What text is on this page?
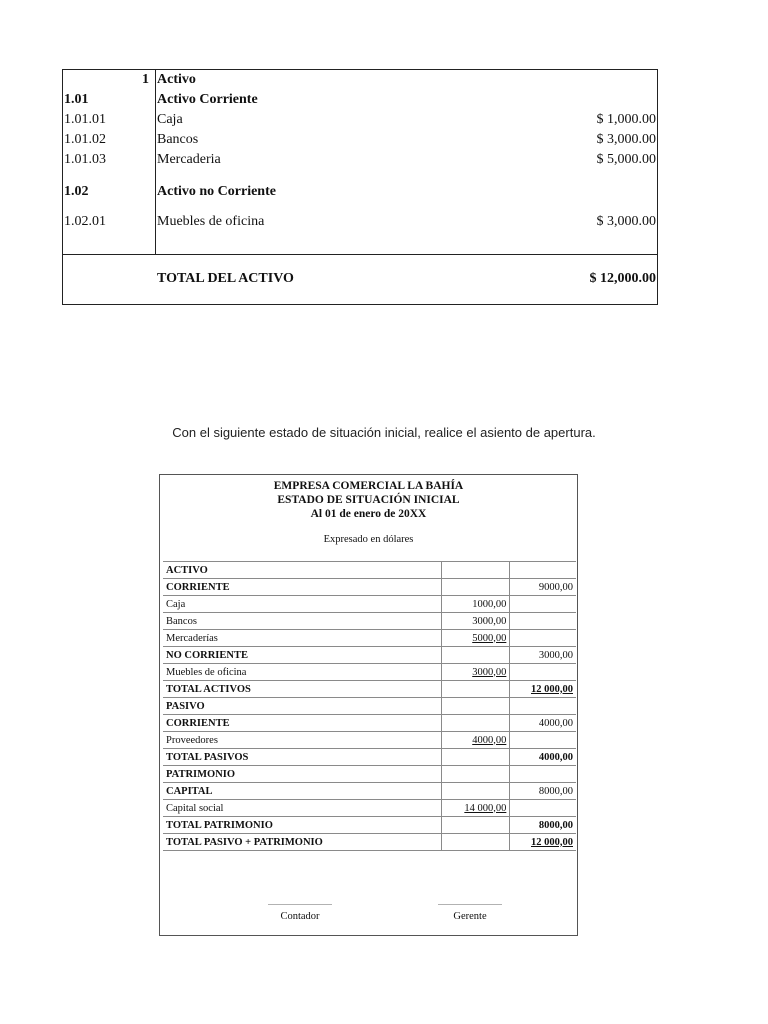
1 Activo
1.01	Activo Corriente
1.01.01	Caja	$ 1,000.00
1.01.02	Bancos	$ 3,000.00
1.01.03	Mercaderia	$ 5,000.00
1.02	Activo no Corriente
1.02.01	Muebles de oficina	$ 3,000.00
TOTAL DEL ACTIVO	$ 12,000.00
Con el siguiente estado de situación inicial, realice el asiento de apertura.
EMPRESA COMERCIAL LA BAHÍA
ESTADO DE SITUACIÓN INICIAL
Al 01 de enero de 20XX
Expresado en dólares
ACTIVO		
CORRIENTE		9000,00
Caja	1000,00	
Bancos	3000,00	
Mercaderías	5000,00	
NO CORRIENTE		3000,00
Muebles de oficina	3000,00	
TOTAL ACTIVOS		12 000,00
PASIVO		
CORRIENTE		4000,00
Proveedores	4000,00	
TOTAL PASIVOS		4000,00
PATRIMONIO		
CAPITAL		8000,00
Capital social	14 000,00	
TOTAL PATRIMONIO		8000,00
TOTAL PASIVO + PATRIMONIO		12 000,00
................................
Contador
................................
Gerente
